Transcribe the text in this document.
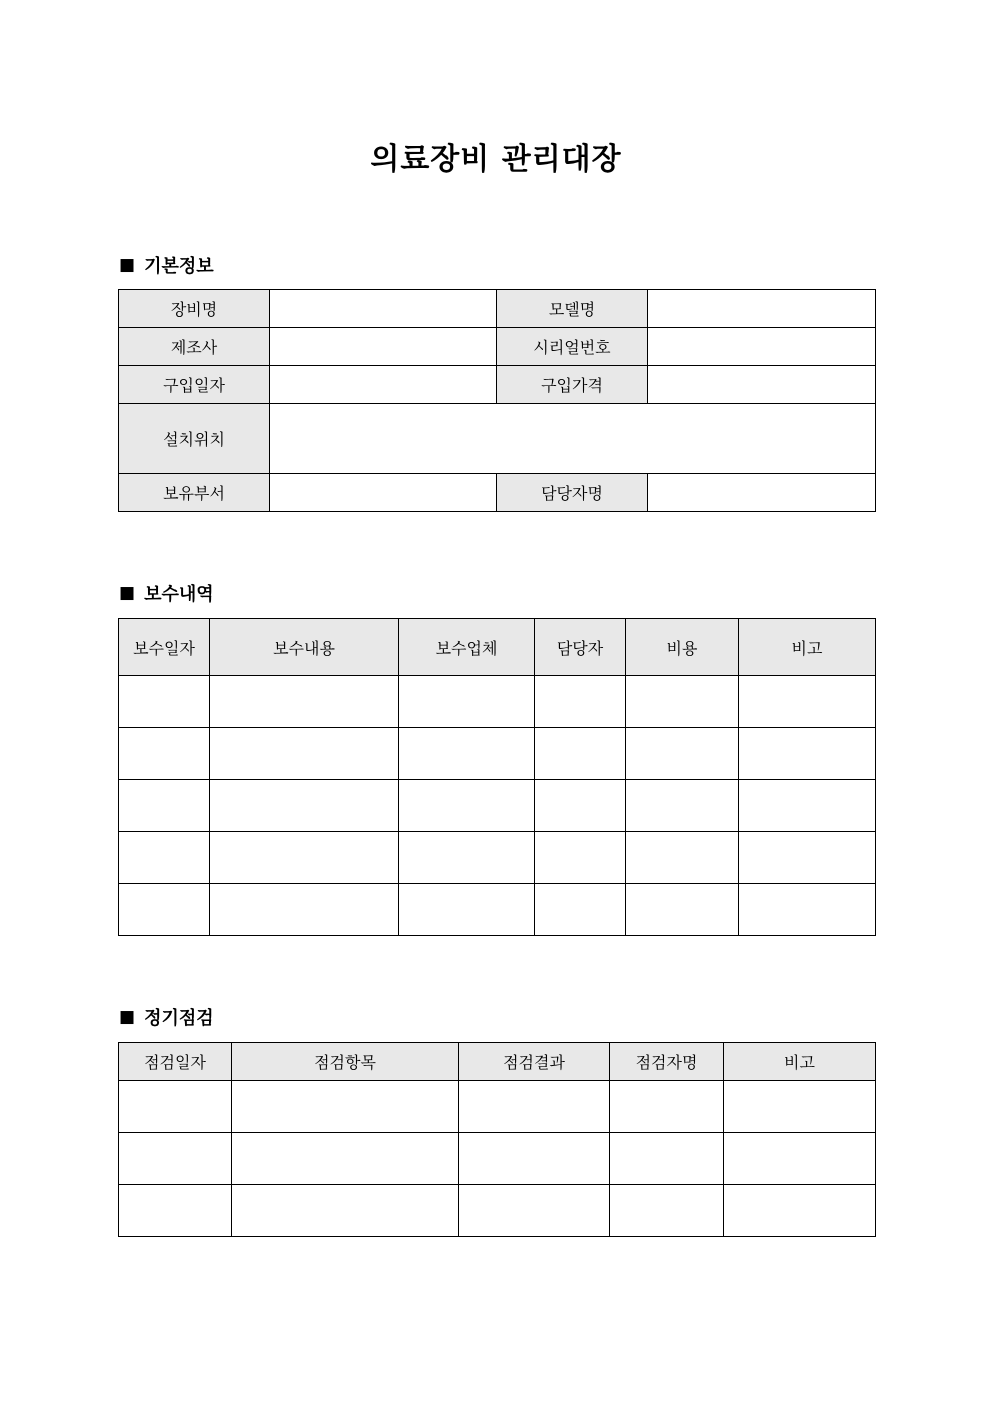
의료장비 관리대장
■ 기본정보
장비명		모델명	
제조사		시리얼번호	
구입일자		구입가격	
설치위치			
보유부서		담당자명	
■ 보수내역
보수일자	보수내용	보수업체	담당자	비용	비고

■ 정기점검
점검일자	점검항목	점검결과	점검자명	비고
